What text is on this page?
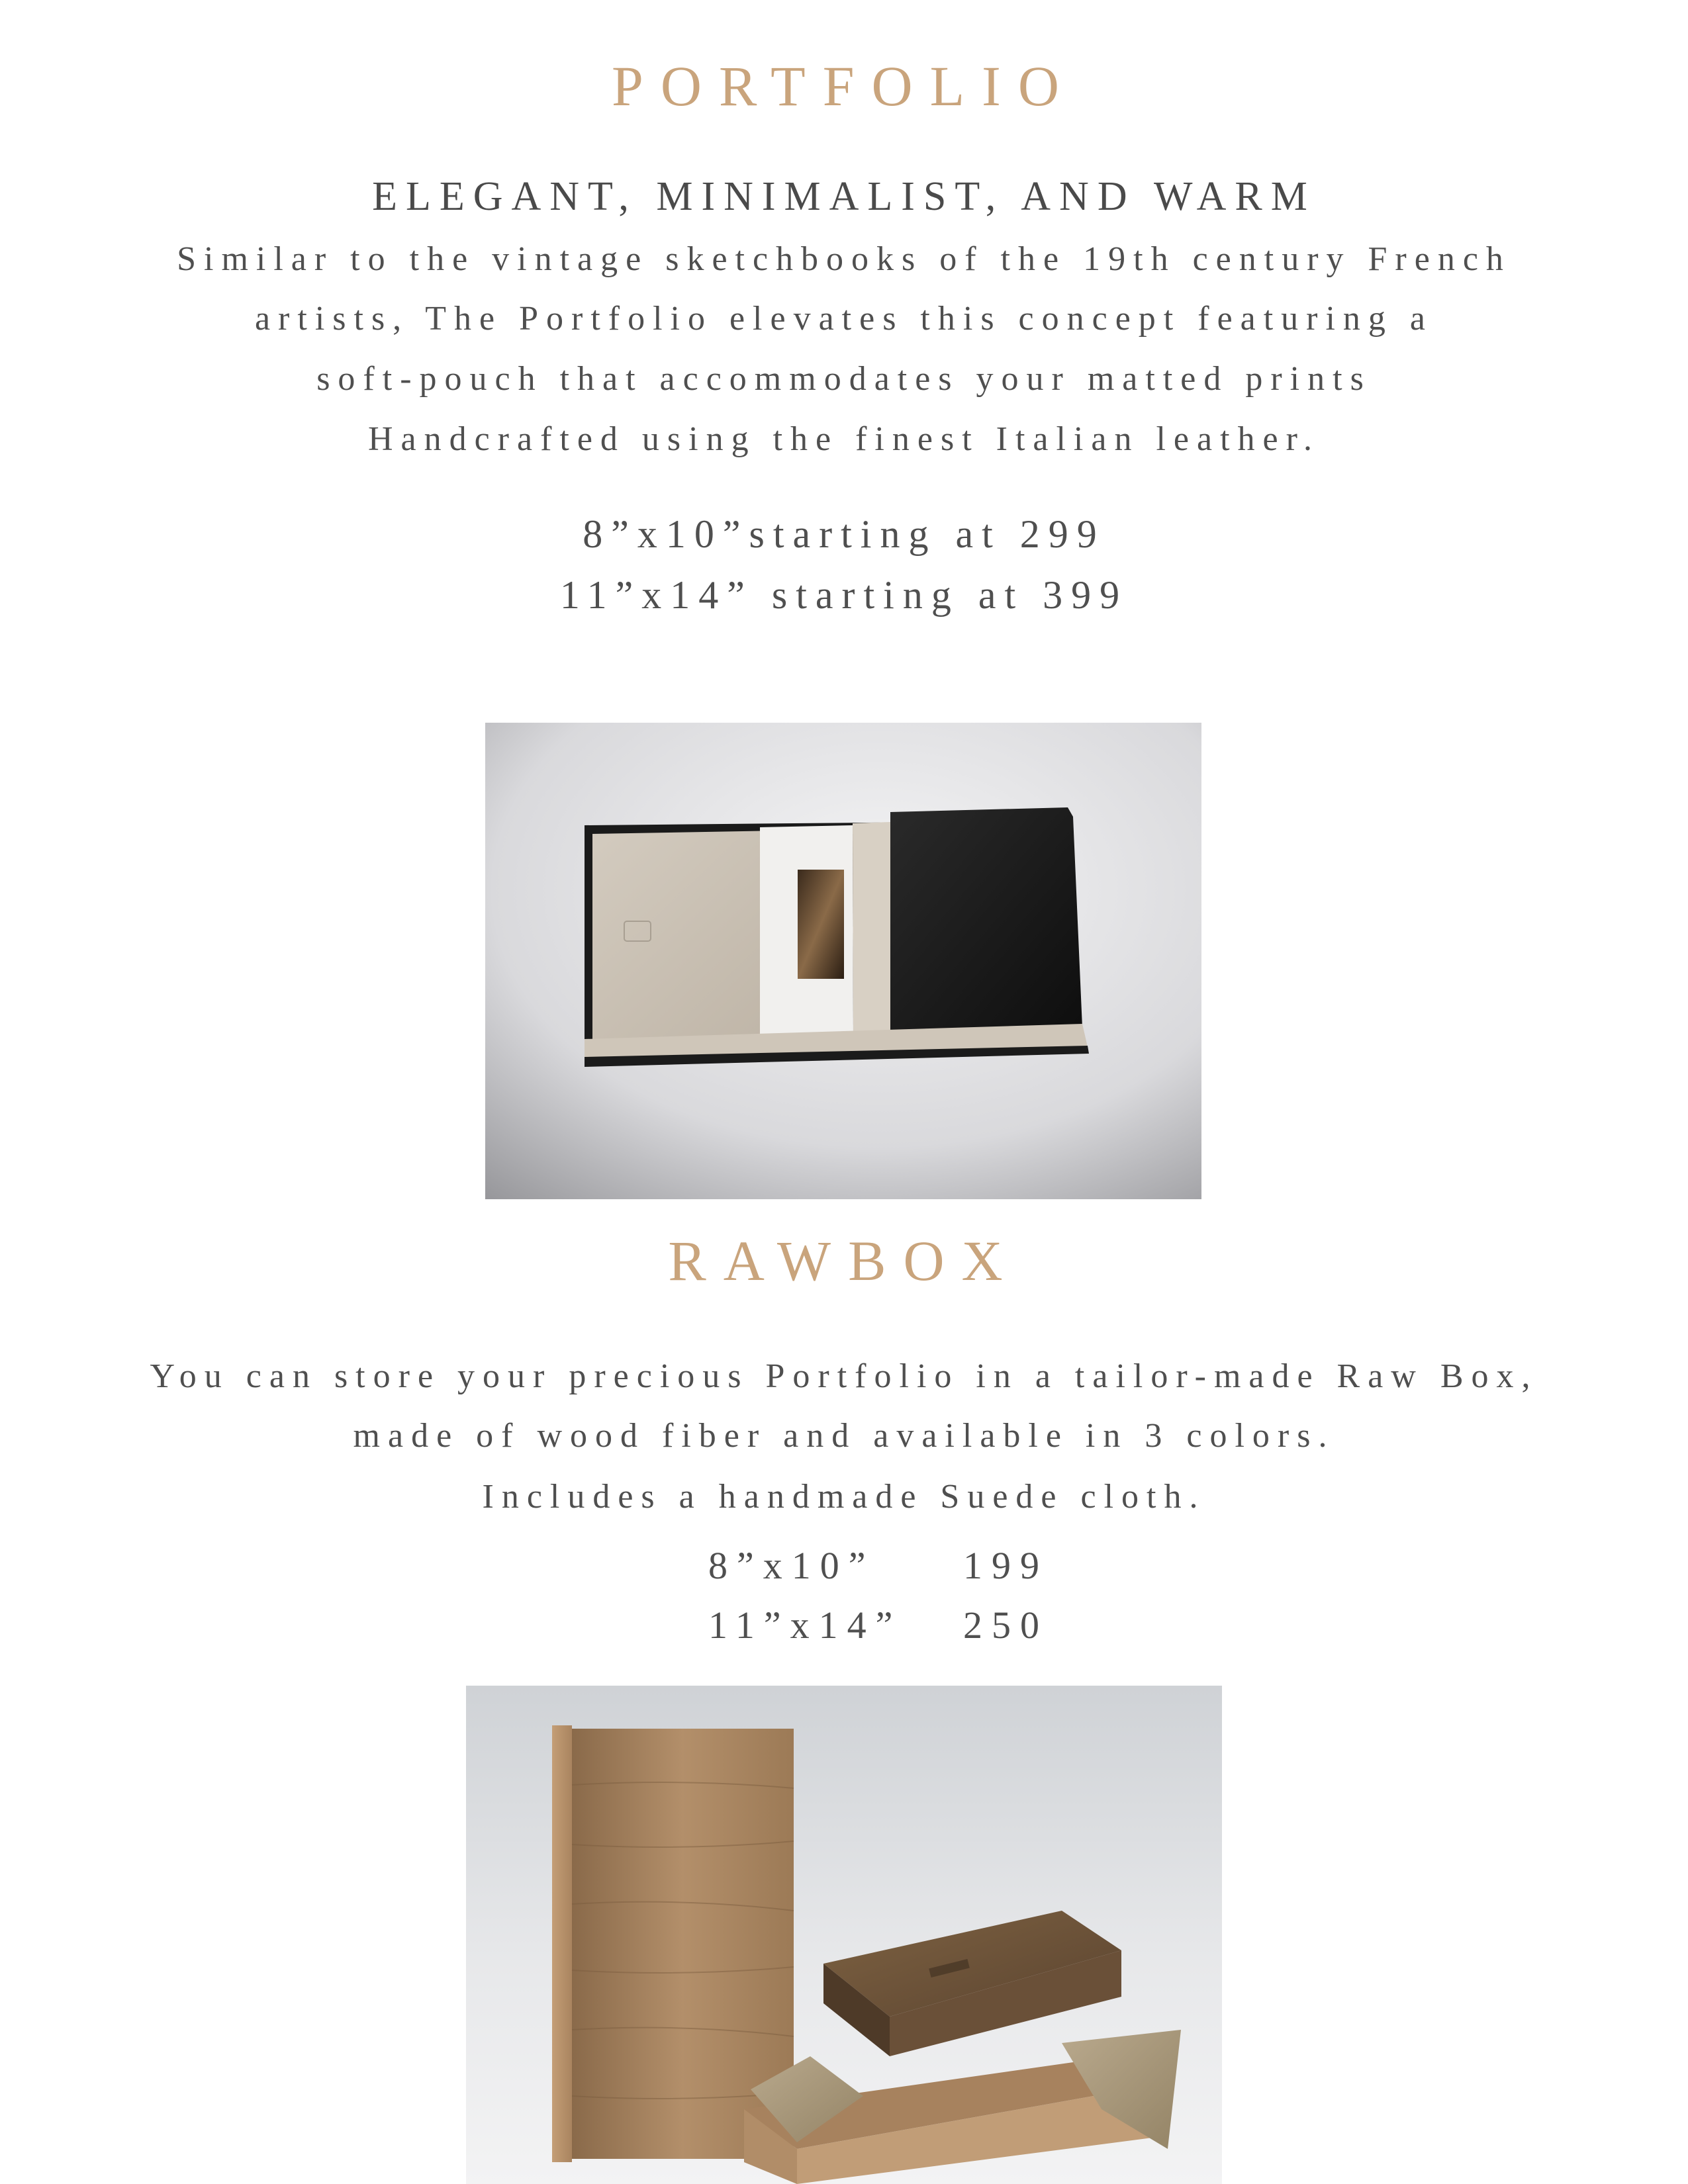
PORTFOLIO
ELEGANT, MINIMALIST, AND WARM
Similar to the vintage sketchbooks of the 19th century French
artists, The Portfolio elevates this concept featuring a
soft-pouch that accommodates your matted prints
Handcrafted using the finest Italian leather.
8”x10”starting at 299
11”x14” starting at 399
RAWBOX
You can store your precious Portfolio in a tailor-made Raw Box,
made of wood fiber and available in 3 colors.
Includes a handmade Suede cloth.
8”x10” 199
11”x14” 250
